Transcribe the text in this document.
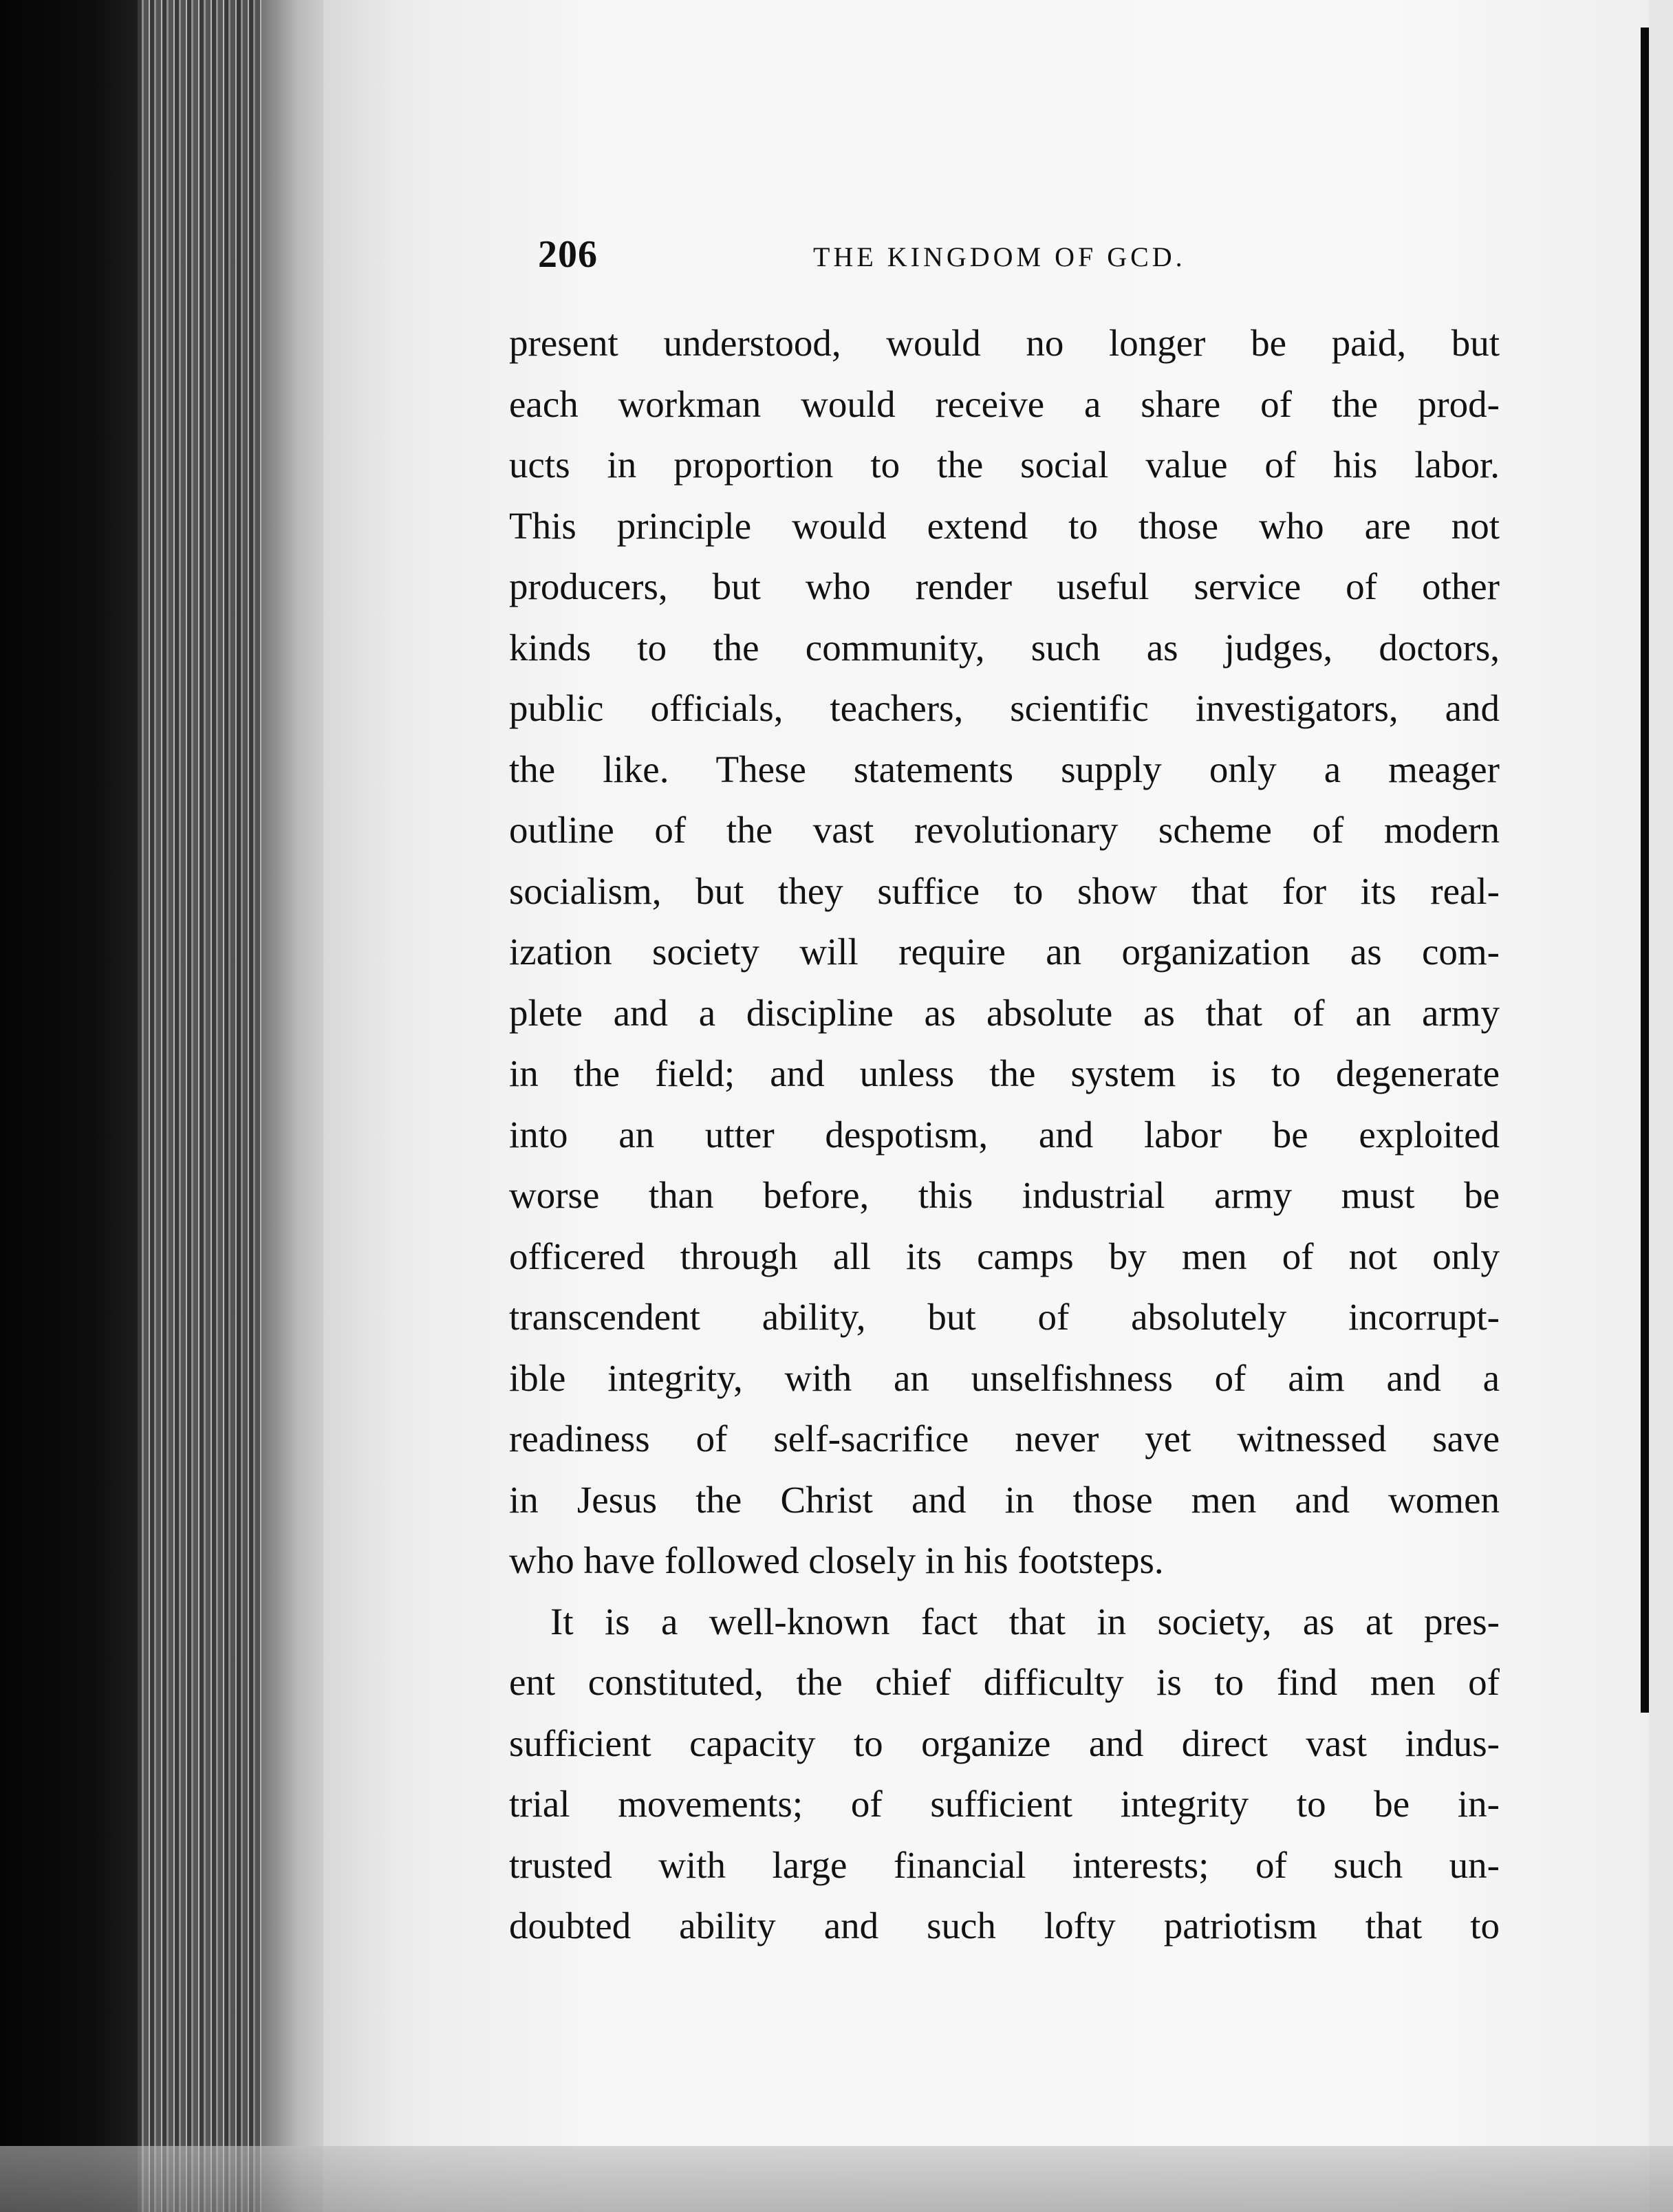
206	THE KINGDOM OF GCD.
present understood, would no longer be paid, but
each workman would receive a share of the prod-
ucts in proportion to the social value of his labor.
This principle would extend to those who are not
producers, but who render useful service of other
kinds to the community, such as judges, doctors,
public officials, teachers, scientific investigators, and
the like. These statements supply only a meager
outline of the vast revolutionary scheme of modern
socialism, but they suffice to show that for its real-
ization society will require an organization as com-
plete and a discipline as absolute as that of an army
in the field; and unless the system is to degenerate
into an utter despotism, and labor be exploited
worse than before, this industrial army must be
officered through all its camps by men of not only
transcendent ability, but of absolutely incorrupt-
ible integrity, with an unselfishness of aim and a
readiness of self-sacrifice never yet witnessed save
in Jesus the Christ and in those men and women
who have followed closely in his footsteps.
It is a well-known fact that in society, as at pres-
ent constituted, the chief difficulty is to find men of
sufficient capacity to organize and direct vast indus-
trial movements; of sufficient integrity to be in-
trusted with large financial interests; of such un-
doubted ability and such lofty patriotism that to
